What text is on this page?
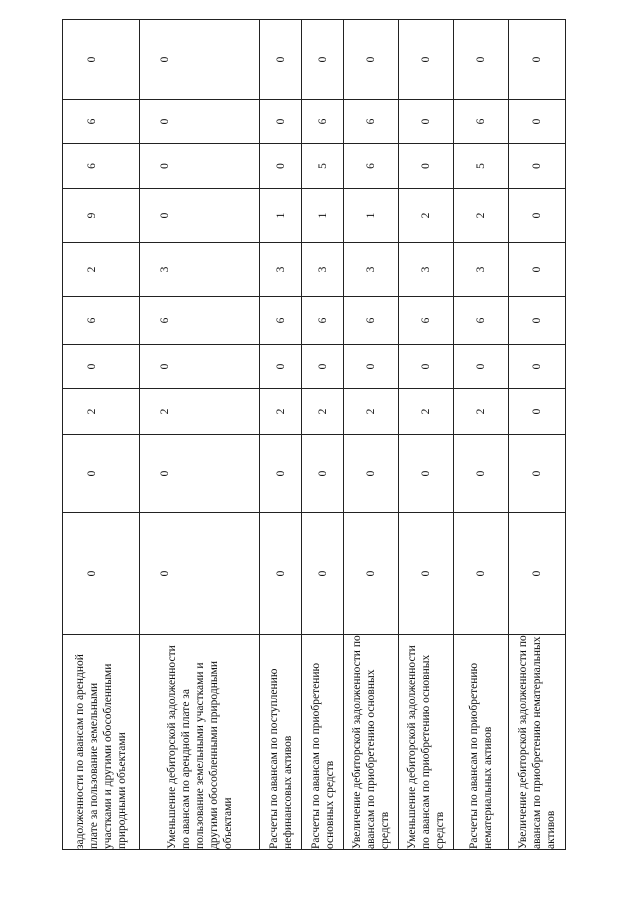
задолженности по авансам по арендной плате за пользование земельными участками и другими обособленными природными объектами	0	0	2	0	6	2	9	6	6	0
Уменьшение дебиторской задолженности по авансам по арендной плате за пользование земельными участками и другими обособленными природными объектами	0	0	2	0	6	3	0	0	0	0
Расчеты по авансам по поступлению нефинансовых активов	0	0	2	0	6	3	1	0	0	0
Расчеты по авансам по приобретению основных средств	0	0	2	0	6	3	1	5	6	0
Увеличение дебиторской задолженности по авансам по приобретению основных средств	0	0	2	0	6	3	1	6	6	0
Уменьшение дебиторской задолженности по авансам по приобретению основных средств	0	0	2	0	6	3	2	0	0	0
Расчеты по авансам по приобретению нематериальных активов	0	0	2	0	6	3	2	5	6	0
Увеличение дебиторской задолженности по авансам по приобретению нематериальных активов	0	0	0	0	0	0	0	0	0	0
